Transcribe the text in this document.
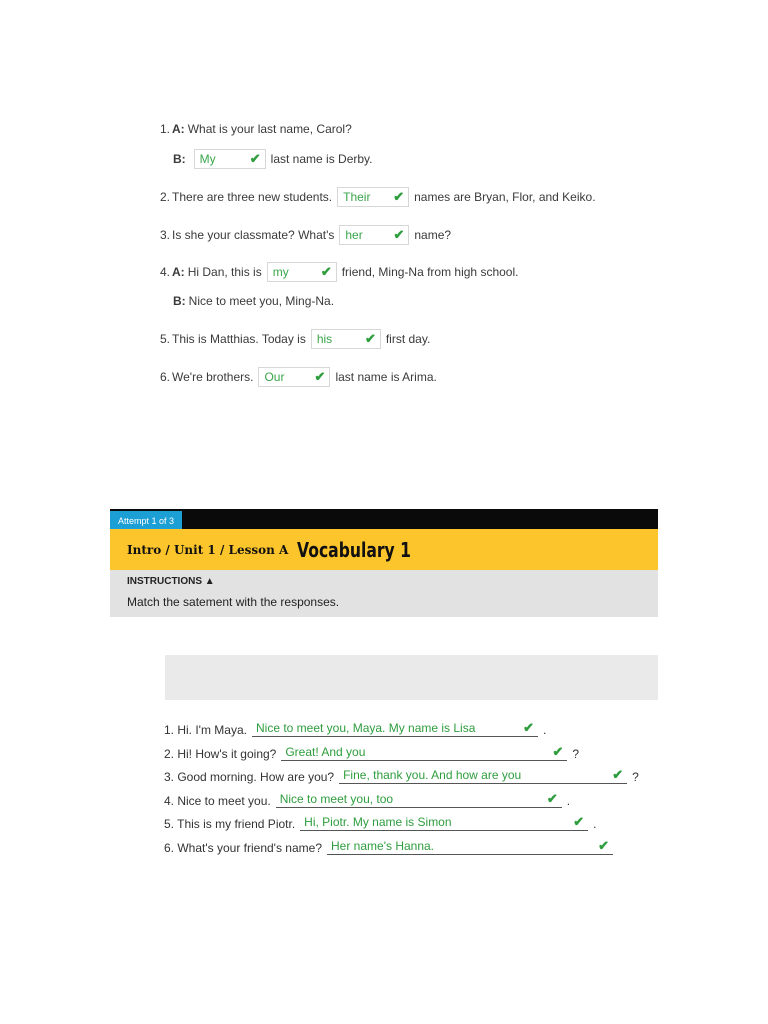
1. A: What is your last name, Carol?
B: My	✔ last name is Derby.
2. There are three new students. Their ✔ names are Bryan, Flor, and Keiko.
3. Is she your classmate? What's her ✔ name?
4. A: Hi Dan, this is my ✔ friend, Ming-Na from high school.
B: Nice to meet you, Ming-Na.
5. This is Matthias. Today is his	✔ first day.
6. We're brothers. Our ✔ last name is Arima.
Attempt 1 of 3
Intro / Unit 1 / Lesson A Vocabulary 1
INSTRUCTIONS ▲
Match the satement with the responses.
1. Hi. I'm Maya. Nice to meet you, Maya. My name is Lisa	✔ .
2. Hi! How's it going? Great! And you	✔ ?
3. Good morning. How are you? Fine, thank you. And how are you	✔ ?
4. Nice to meet you. Nice to meet you, too	✔ .
5. This is my friend Piotr. Hi, Piotr. My name is Simon	✔ .
6. What's your friend's name? Her name's Hanna.	✔
